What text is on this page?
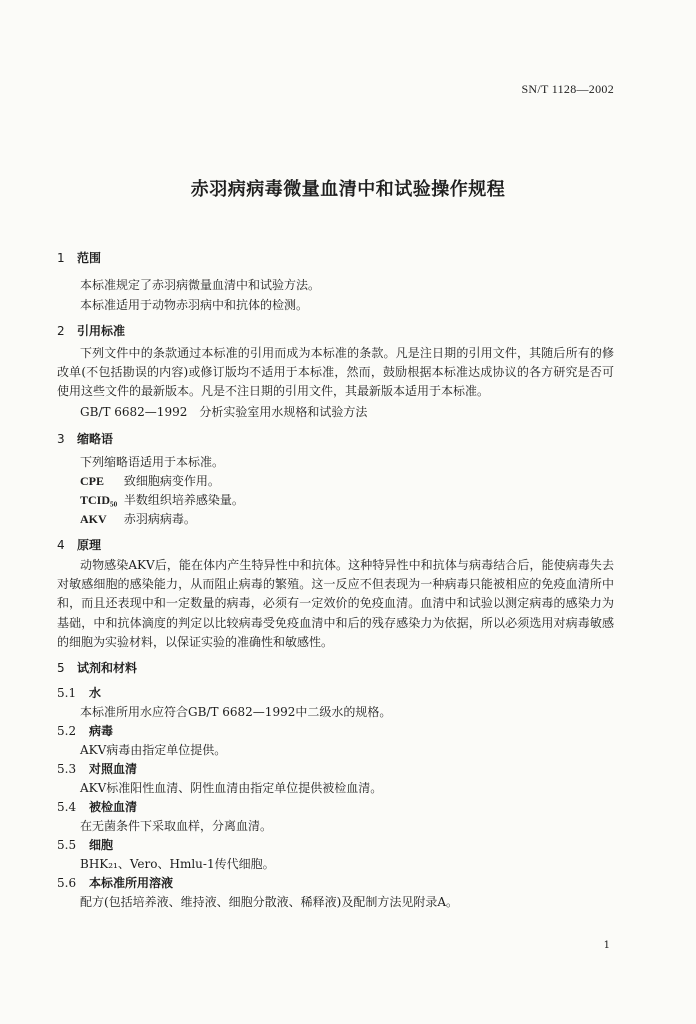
SN/T 1128—2002
赤羽病病毒微量血清中和试验操作规程
1 范围
本标准规定了赤羽病微量血清中和试验方法。
本标准适用于动物赤羽病中和抗体的检测。
2 引用标准
下列文件中的条款通过本标准的引用而成为本标准的条款。凡是注日期的引用文件，其随后所有的修改单(不包括勘误的内容)或修订版均不适用于本标准，然而，鼓励根据本标准达成协议的各方研究是否可使用这些文件的最新版本。凡是不注日期的引用文件，其最新版本适用于本标准。
GB/T 6682—1992　分析实验室用水规格和试验方法
3 缩略语
下列缩略语适用于本标准。
CPE 致细胞病变作用。
TCID₅₀ 半数组织培养感染量。
AKV 赤羽病病毒。
4 原理
动物感染AKV后，能在体内产生特异性中和抗体。这种特异性中和抗体与病毒结合后，能使病毒失去对敏感细胞的感染能力，从而阻止病毒的繁殖。这一反应不但表现为一种病毒只能被相应的免疫血清所中和，而且还表现中和一定数量的病毒，必须有一定效价的免疫血清。血清中和试验以测定病毒的感染力为基础，中和抗体滴度的判定以比较病毒受免疫血清中和后的残存感染力为依据，所以必须选用对病毒敏感的细胞为实验材料，以保证实验的准确性和敏感性。
5 试剂和材料
5.1 水
本标准所用水应符合GB/T 6682—1992中二级水的规格。
5.2 病毒
AKV病毒由指定单位提供。
5.3 对照血清
AKV标准阳性血清、阴性血清由指定单位提供被检血清。
5.4 被检血清
在无菌条件下采取血样，分离血清。
5.5 细胞
BHK₂₁、Vero、Hmlu-1传代细胞。
5.6 本标准所用溶液
配方(包括培养液、维持液、细胞分散液、稀释液)及配制方法见附录A。
1
